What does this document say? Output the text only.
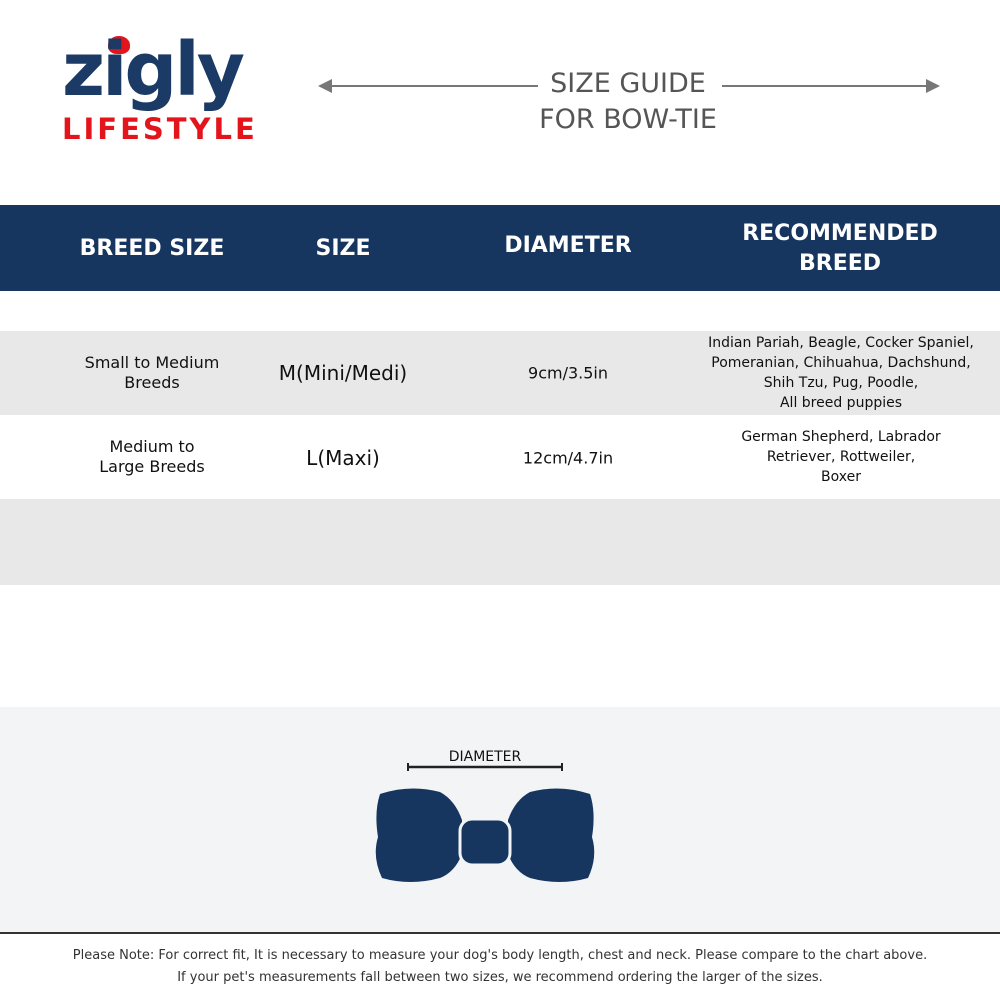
zigly
LIFESTYLE
SIZE GUIDE
FOR BOW-TIE
BREED SIZE	SIZE	DIAMETER	RECOMMENDED BREED
Small to Medium Breeds	M(Mini/Medi)	9cm/3.5in
Indian Pariah, Beagle, Cocker Spaniel,
Pomeranian, Chihuahua, Dachshund,
Shih Tzu, Pug, Poodle,
All breed puppies
Medium to Large Breeds	L(Maxi)	12cm/4.7in
German Shepherd, Labrador
Retriever, Rottweiler,
Boxer
DIAMETER
Please Note: For correct fit, It is necessary to measure your dog's body length, chest and neck. Please compare to the chart above.
If your pet's measurements fall between two sizes, we recommend ordering the larger of the sizes.
